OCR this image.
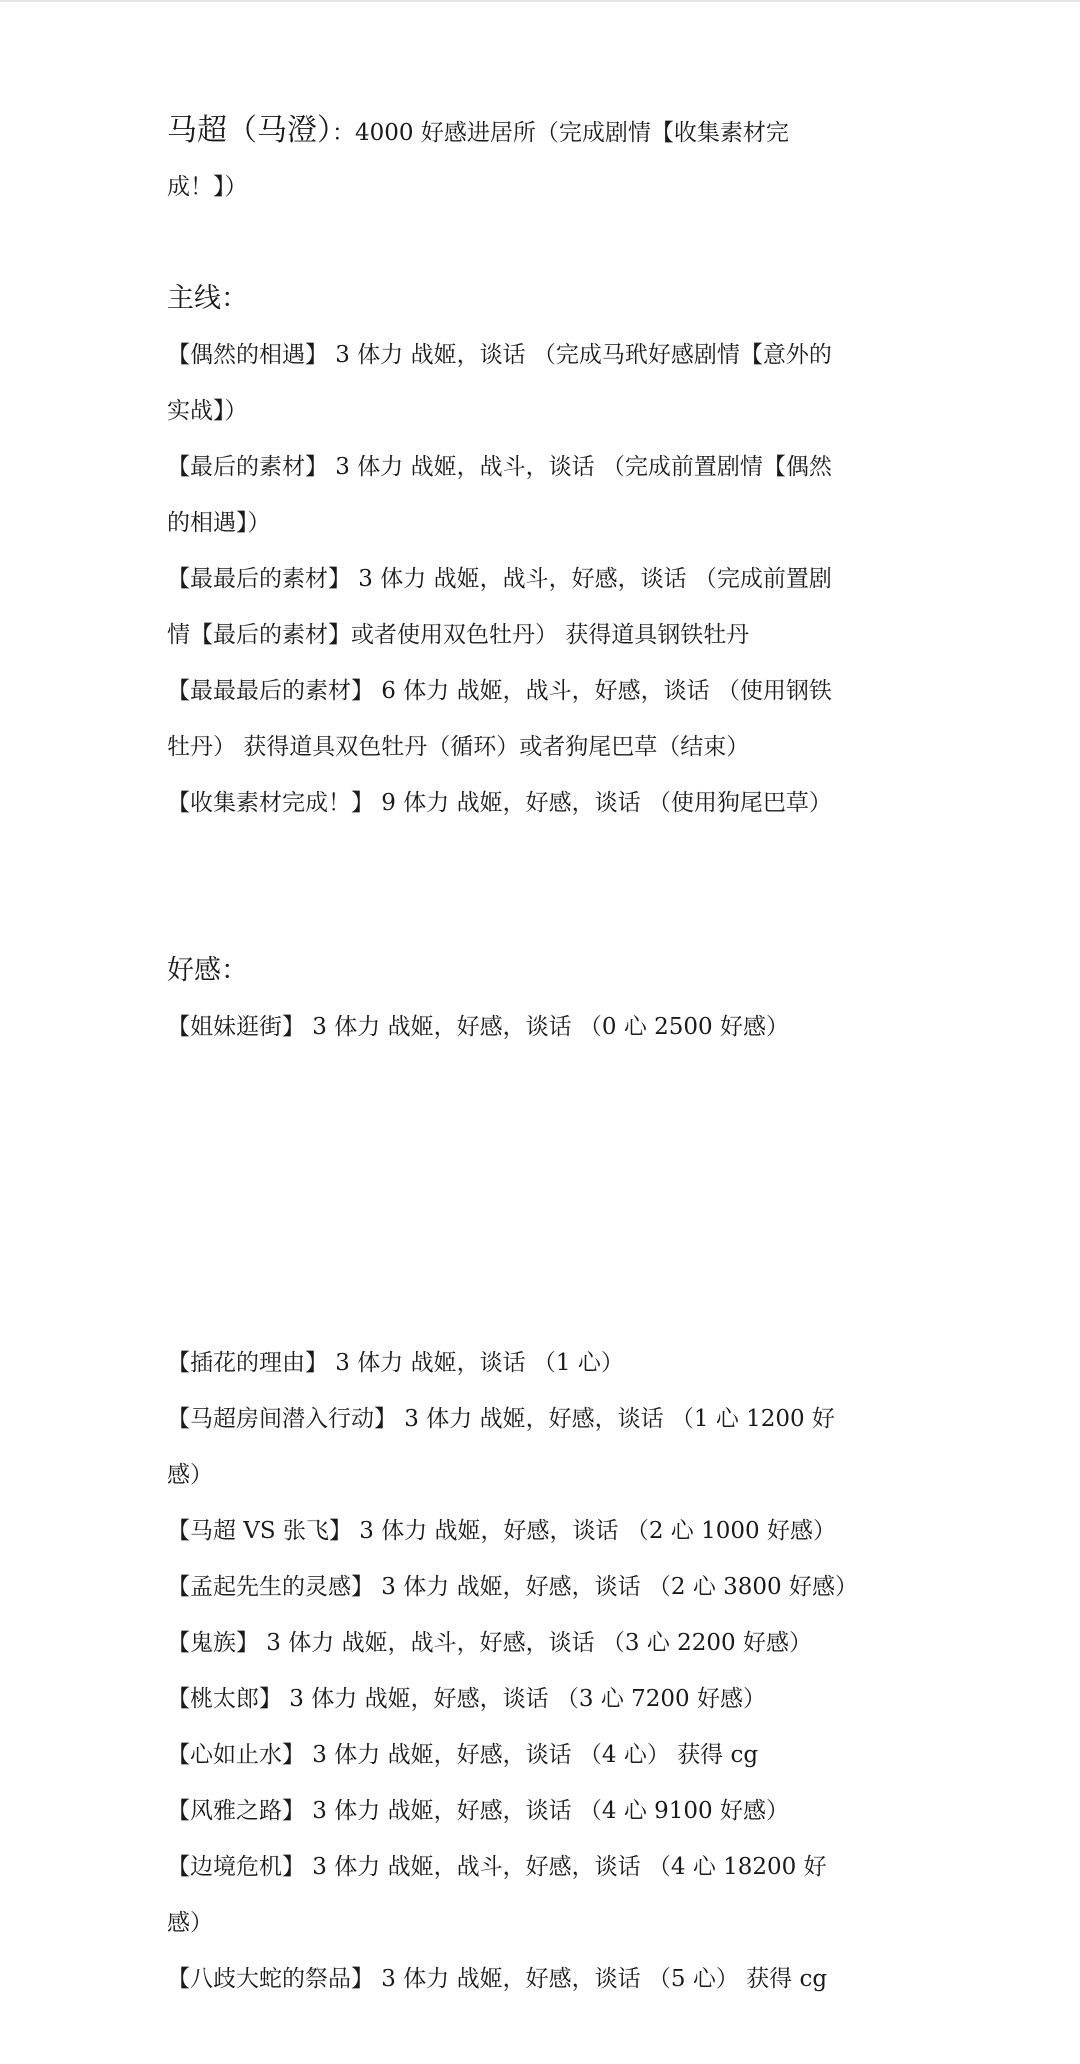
马超（马澄）：4000 好感进居所（完成剧情【收集素材完
成！】）
主线：
【偶然的相遇】 3 体力 战姬，谈话 （完成马玳好感剧情【意外的
实战】）
【最后的素材】 3 体力 战姬，战斗，谈话 （完成前置剧情【偶然
的相遇】）
【最最后的素材】 3 体力 战姬，战斗，好感，谈话 （完成前置剧
情【最后的素材】或者使用双色牡丹） 获得道具钢铁牡丹
【最最最后的素材】 6 体力 战姬，战斗，好感，谈话 （使用钢铁
牡丹） 获得道具双色牡丹（循环）或者狗尾巴草（结束）
【收集素材完成！】 9 体力 战姬，好感，谈话 （使用狗尾巴草）
好感：
【姐妹逛街】 3 体力 战姬，好感，谈话 （0 心 2500 好感）
【插花的理由】 3 体力 战姬，谈话 （1 心）
【马超房间潜入行动】 3 体力 战姬，好感，谈话 （1 心 1200 好
感）
【马超 VS 张飞】 3 体力 战姬，好感，谈话 （2 心 1000 好感）
【孟起先生的灵感】 3 体力 战姬，好感，谈话 （2 心 3800 好感）
【鬼族】 3 体力 战姬，战斗，好感，谈话 （3 心 2200 好感）
【桃太郎】 3 体力 战姬，好感，谈话 （3 心 7200 好感）
【心如止水】 3 体力 战姬，好感，谈话 （4 心） 获得 cg
【风雅之路】 3 体力 战姬，好感，谈话 （4 心 9100 好感）
【边境危机】 3 体力 战姬，战斗，好感，谈话 （4 心 18200 好
感）
【八歧大蛇的祭品】 3 体力 战姬，好感，谈话 （5 心） 获得 cg
